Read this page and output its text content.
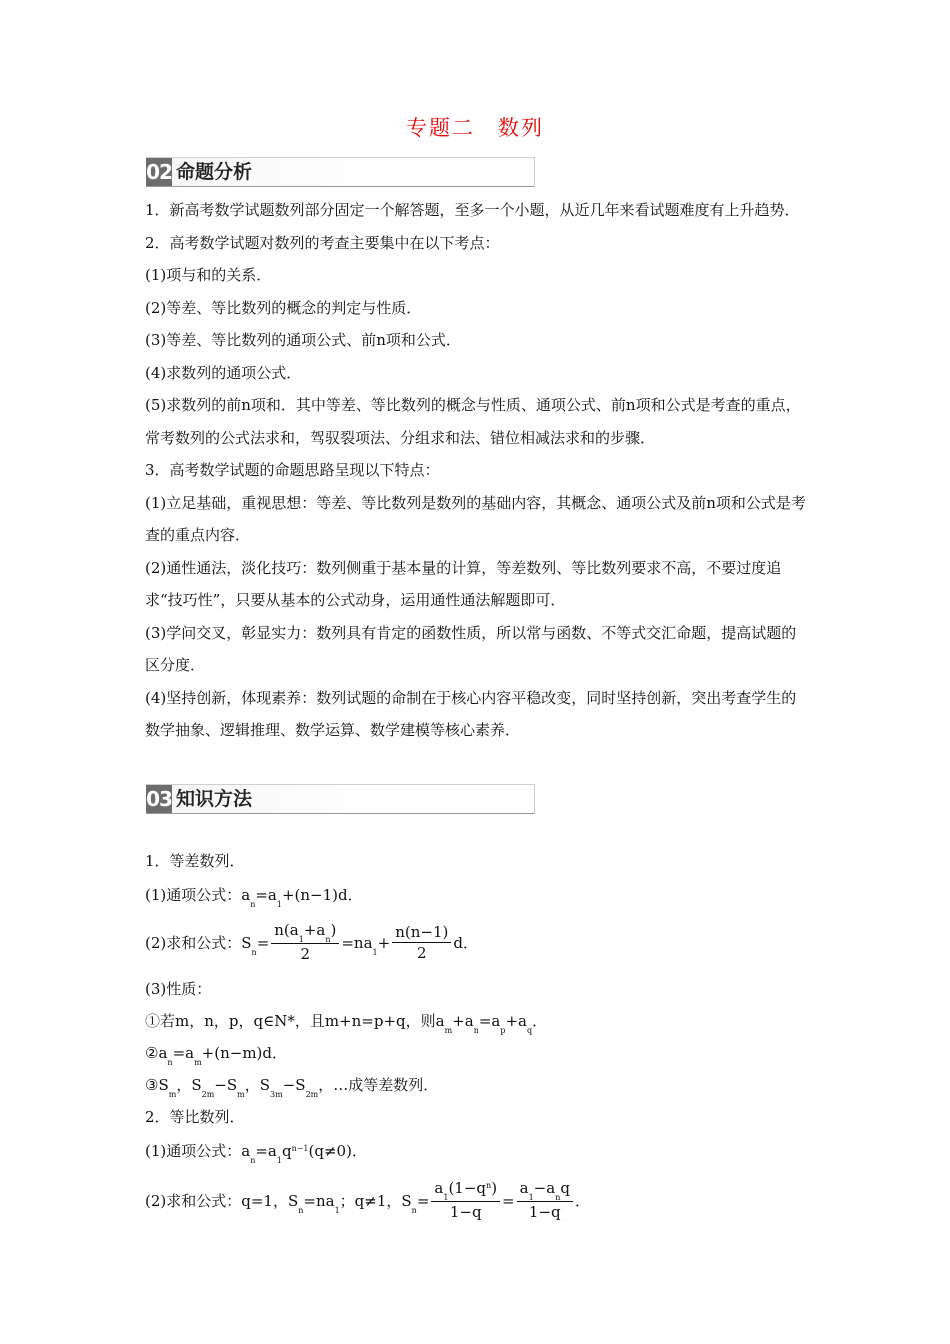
专题二　数列
02 命题分析

1．新高考数学试题数列部分固定一个解答题，至多一个小题，从近几年来看试题难度有上升趋势．

2．高考数学试题对数列的考查主要集中在以下考点：

(1)项与和的关系．

(2)等差、等比数列的概念的判定与性质．

(3)等差、等比数列的通项公式、前n项和公式．

(4)求数列的通项公式．

(5)求数列的前n项和．其中等差、等比数列的概念与性质、通项公式、前n项和公式是考查的重点，常考数列的公式法求和，驾驭裂项法、分组求和法、错位相减法求和的步骤．

3．高考数学试题的命题思路呈现以下特点：

(1)立足基础，重视思想：等差、等比数列是数列的基础内容，其概念、通项公式及前n项和公式是考查的重点内容．

(2)通性通法，淡化技巧：数列侧重于基本量的计算，等差数列、等比数列要求不高，不要过度追求“技巧性”，只要从基本的公式动身，运用通性通法解题即可．

(3)学问交叉，彰显实力：数列具有肯定的函数性质，所以常与函数、不等式交汇命题，提高试题的区分度．

(4)坚持创新，体现素养：数列试题的命制在于核心内容平稳改变，同时坚持创新，突出考查学生的数学抽象、逻辑推理、数学运算、数学建模等核心素养．

03 知识方法
1．等差数列．
(1)通项公式：$a_n=a_1+(n-1)d$．
(2)求和公式：$S_n= \frac{n(a_1+a_n)}{2} =na_1+ \frac{n(n-1)}{2}$ d．
(3)性质：
①若m，n，p，q∈N*，且m+n=p+q，则$a_m+a_n=a_p+a_q$．
$②a_n=a_m+(n-m)d$．
$③S_m$，$S_{2m}-S_m$，$S_{3m}-S_{2m}$，…成等差数列．
2．等比数列．
(1)通项公式：$a_n=a_1q^{n-1}(q\ne 0)$．
(2)求和公式：q=1，$S_n=na_1$；q≠1，$S_n= \frac{a_1(1-q^n)}{1-q} = \frac{a_1-a_nq}{1-q}$ ．
